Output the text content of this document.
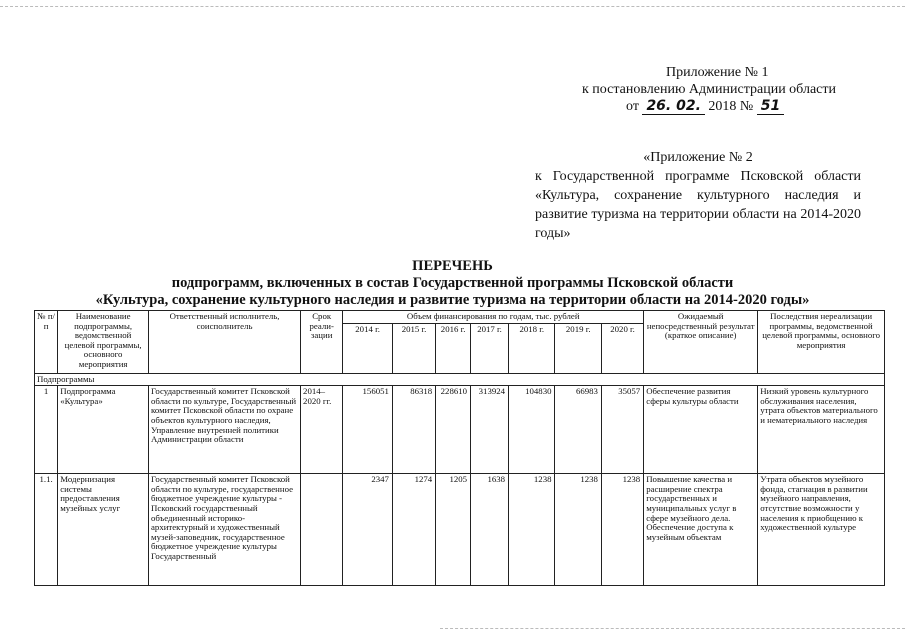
Приложение № 1
к постановлению Администрации области
от 26. 02. 2018 № 51
«Приложение № 2
к Государственной программе Псковской области «Культура, сохранение культурного наследия и развитие туризма на территории области на 2014-2020 годы»
ПЕРЕЧЕНЬ
подпрограмм, включенных в состав Государственной программы Псковской области
«Культура, сохранение культурного наследия и развитие туризма на территории области на 2014-2020 годы»
№ п/п	Наименование подпрограммы, ведомственной целевой программы, основного мероприятия	Ответственный исполнитель, соисполнитель	Срок реали-зации	Объем финансирования по годам, тыс. рублей							Ожидаемый непосредственный результат (краткое описание)	Последствия нереализации программы, ведомственной целевой программы, основного мероприятия
				2014 г.	2015 г.	2016 г.	2017 г.	2018 г.	2019 г.	2020 г.		
Подпрограммы												
1	Подпрограмма «Культура»	Государственный комитет Псковской области по культуре, Государственный комитет Псковской области по охране объектов культурного наследия, Управление внутренней политики Администрации области	2014–2020 гг.	156051	86318	228610	313924	104830	66983	35057	Обеспечение развития сферы культуры области	Низкий уровень культурного обслуживания населения, утрата объектов материального и нематериального наследия
1.1.	Модернизация системы предоставления музейных услуг	Государственный комитет Псковской области по культуре, государственное бюджетное учреждение культуры - Псковский государственный объединенный историко-архитектурный и художественный музей-заповедник, государственное бюджетное учреждение культуры Государственный		2347	1274	1205	1638	1238	1238	1238	Повышение качества и расширение спектра государственных и муниципальных услуг в сфере музейного дела. Обеспечение доступа к музейным объектам	Утрата объектов музейного фонда, стагнация в развитии музейного направления, отсутствие возможности у населения к приобщению к художественной культуре
